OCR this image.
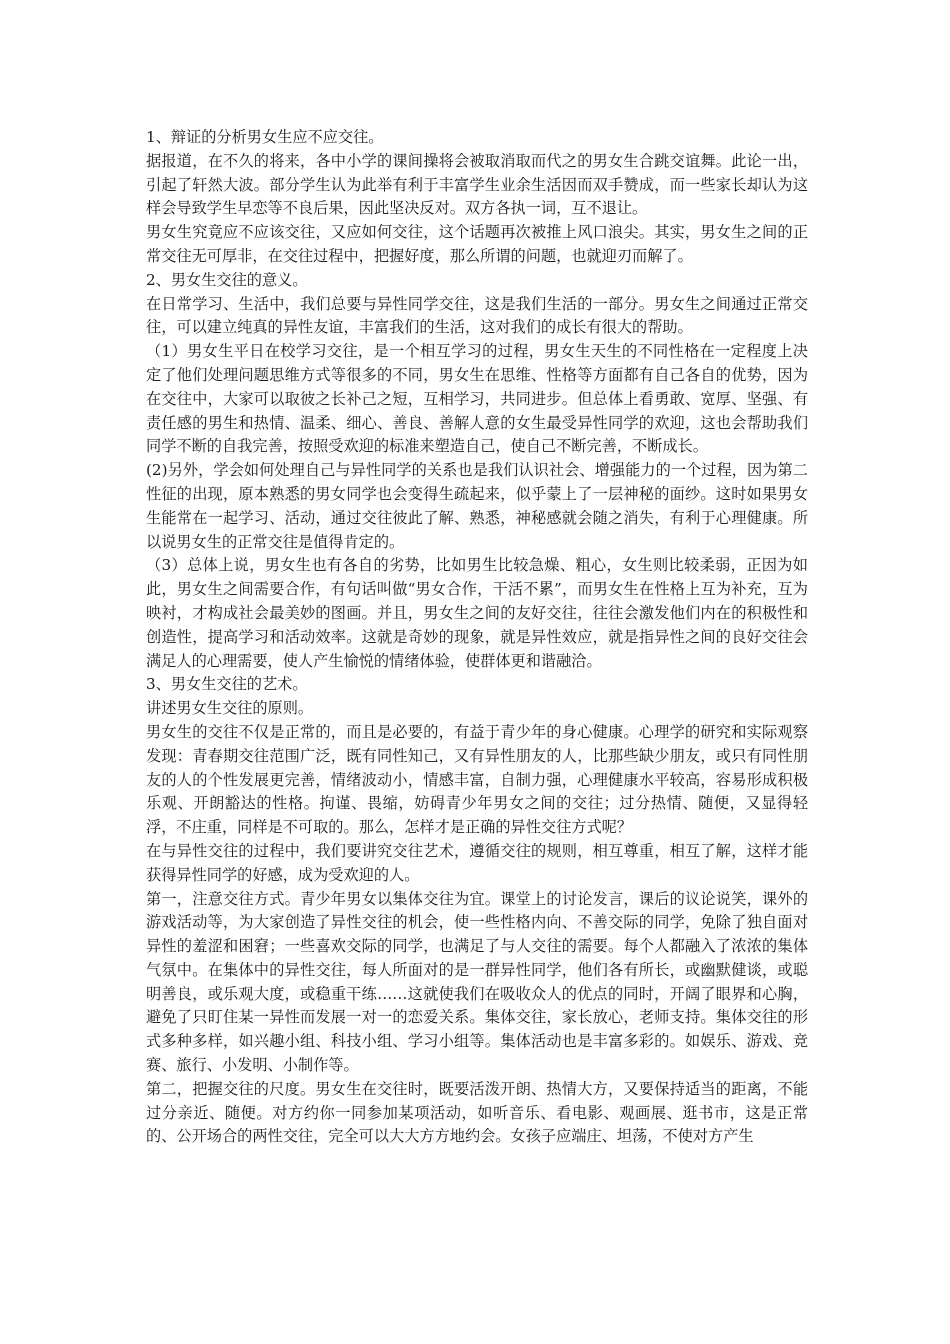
1、辩证的分析男女生应不应交往。

据报道，在不久的将来，各中小学的课间操将会被取消取而代之的男女生合跳交谊舞。此论一出，引起了轩然大波。部分学生认为此举有利于丰富学生业余生活因而双手赞成，而一些家长却认为这样会导致学生早恋等不良后果，因此坚决反对。双方各执一词，互不退让。

男女生究竟应不应该交往，又应如何交往，这个话题再次被推上风口浪尖。其实，男女生之间的正常交往无可厚非，在交往过程中，把握好度，那么所谓的问题，也就迎刃而解了。

2、男女生交往的意义。

在日常学习、生活中，我们总要与异性同学交往，这是我们生活的一部分。男女生之间通过正常交往，可以建立纯真的异性友谊，丰富我们的生活，这对我们的成长有很大的帮助。

（1）男女生平日在校学习交往，是一个相互学习的过程，男女生天生的不同性格在一定程度上决定了他们处理问题思维方式等很多的不同，男女生在思维、性格等方面都有自己各自的优势，因为在交往中，大家可以取彼之长补己之短，互相学习，共同进步。但总体上看勇敢、宽厚、坚强、有责任感的男生和热情、温柔、细心、善良、善解人意的女生最受异性同学的欢迎，这也会帮助我们同学不断的自我完善，按照受欢迎的标准来塑造自己，使自己不断完善，不断成长。

(2)另外，学会如何处理自己与异性同学的关系也是我们认识社会、增强能力的一个过程，因为第二性征的出现，原本熟悉的男女同学也会变得生疏起来，似乎蒙上了一层神秘的面纱。这时如果男女生能常在一起学习、活动，通过交往彼此了解、熟悉，神秘感就会随之消失，有利于心理健康。所以说男女生的正常交往是值得肯定的。

（3）总体上说，男女生也有各自的劣势，比如男生比较急燥、粗心，女生则比较柔弱，正因为如此，男女生之间需要合作，有句话叫做“男女合作，干活不累”，而男女生在性格上互为补充，互为映衬，才构成社会最美妙的图画。并且，男女生之间的友好交往，往往会激发他们内在的积极性和创造性，提高学习和活动效率。这就是奇妙的现象，就是异性效应，就是指异性之间的良好交往会满足人的心理需要，使人产生愉悦的情绪体验，使群体更和谐融洽。

3、男女生交往的艺术。

讲述男女生交往的原则。

男女生的交往不仅是正常的，而且是必要的，有益于青少年的身心健康。心理学的研究和实际观察发现：青春期交往范围广泛，既有同性知己，又有异性朋友的人，比那些缺少朋友，或只有同性朋友的人的个性发展更完善，情绪波动小，情感丰富，自制力强，心理健康水平较高，容易形成积极乐观、开朗豁达的性格。拘谨、畏缩，妨碍青少年男女之间的交往；过分热情、随便，又显得轻浮，不庄重，同样是不可取的。那么，怎样才是正确的异性交往方式呢？

在与异性交往的过程中，我们要讲究交往艺术，遵循交往的规则，相互尊重，相互了解，这样才能获得异性同学的好感，成为受欢迎的人。

第一，注意交往方式。青少年男女以集体交往为宜。课堂上的讨论发言，课后的议论说笑，课外的游戏活动等，为大家创造了异性交往的机会，使一些性格内向、不善交际的同学，免除了独自面对异性的羞涩和困窘；一些喜欢交际的同学，也满足了与人交往的需要。每个人都融入了浓浓的集体气氛中。在集体中的异性交往，每人所面对的是一群异性同学，他们各有所长，或幽默健谈，或聪明善良，或乐观大度，或稳重干练……这就使我们在吸收众人的优点的同时，开阔了眼界和心胸，避免了只盯住某一异性而发展一对一的恋爱关系。集体交往，家长放心，老师支持。集体交往的形式多种多样，如兴趣小组、科技小组、学习小组等。集体活动也是丰富多彩的。如娱乐、游戏、竞赛、旅行、小发明、小制作等。

第二，把握交往的尺度。男女生在交往时，既要活泼开朗、热情大方，又要保持适当的距离，不能过分亲近、随便。对方约你一同参加某项活动，如听音乐、看电影、观画展、逛书市，这是正常的、公开场合的两性交往，完全可以大大方方地约会。女孩子应端庄、坦荡，不使对方产生
